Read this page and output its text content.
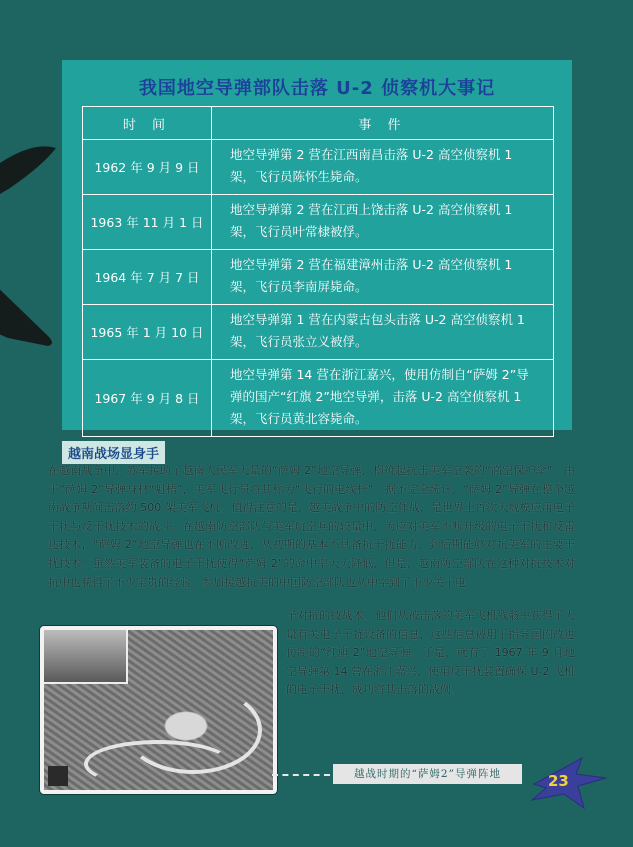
我国地空导弹部队击落 U-2 侦察机大事记
时 间	事 件
1962 年 9 月 9 日	地空导弹第 2 营在江西南昌击落 U-2 高空侦察机 1 架，飞行员陈怀生毙命。
1963 年 11 月 1 日	地空导弹第 2 营在江西上饶击落 U-2 高空侦察机 1 架，飞行员叶常棣被俘。
1964 年 7 月 7 日	地空导弹第 2 营在福建漳州击落 U-2 高空侦察机 1 架，飞行员李南屏毙命。
1965 年 1 月 10 日	地空导弹第 1 营在内蒙古包头击落 U-2 高空侦察机 1 架，飞行员张立义被俘。
1967 年 9 月 8 日	地空导弹第 14 营在浙江嘉兴，使用仿制自“萨姆 2”导弹的国产“红旗 2”地空导弹，击落 U-2 高空侦察机 1 架，飞行员黄北容毙命。
越南战场显身手
在越南战争中，苏军援助了越南人民军大量的“萨姆 2”地空导弹，构筑起抗击美军空袭的“高空保护伞”。由于“萨姆 2”导弹身材“魁梧”，美军飞行员将其称为“飞行的电线杆”。据不完全统计，“萨姆 2”导弹在整个越南战争期间击落约 500 架美军飞机。值得注意的是，越美战争中的防空作战，是世界上首次大规模应用电子干扰与反干扰技术的战斗。在越南防空部队与美军航空兵的较量中，为应对美军不断升级的电子干扰和反雷达技术，“萨姆 2”地空导弹也在不断改进，从初期的基本不具备抗干扰能力，到后期能够对抗美军的主要干扰技术。虽然美军装备的电子干扰使得“萨姆 2”的命中率大大降低，但是，越南防空部队在这种对抗技术对抗中也获得了不少宝贵的经验。参加援越抗美的中国防空部队也从中学到了不少关于电
子对抗的技战术。他们从被击落的美军飞机残骸中获得了大量有关电子干扰设备的信息，这些信息被用于指导国内改进仿制的“红旗 2”地空导弹。于是，就有了 1967 年 9 月地空导弹第 14 营在浙江嘉兴，使用反干扰装置确保 U-2 飞机的电子干扰，成功将其击落的战例。
越战时期的“萨姆2”导弹阵地	23
